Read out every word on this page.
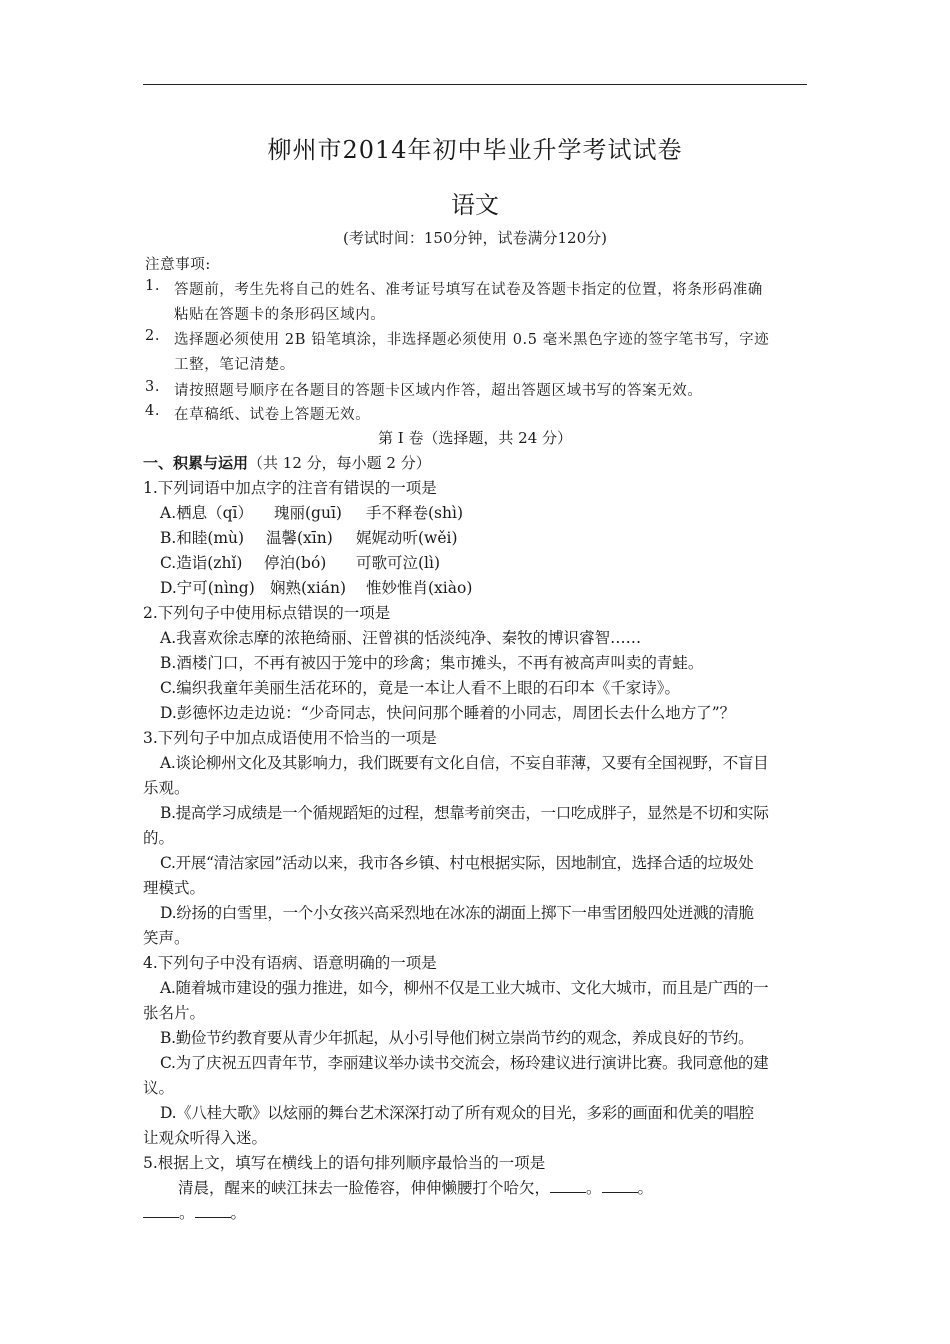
柳州市2014年初中毕业升学考试试卷
语文
(考试时间：150分钟，试卷满分120分)
注意事项:
1. 答题前，考生先将自己的姓名、准考证号填写在试卷及答题卡指定的位置，将条形码准确
粘贴在答题卡的条形码区域内。
2. 选择题必须使用 2B 铅笔填涂，非选择题必须使用 0.5 毫米黑色字迹的签字笔书写，字迹
工整，笔记清楚。
3. 请按照题号顺序在各题目的答题卡区域内作答，超出答题区域书写的答案无效。
4. 在草稿纸、试卷上答题无效。
第 I 卷（选择题，共 24 分）
一、积累与运用（共 12 分，每小题 2 分）
1.下列词语中加点字的注音有错误的一项是
A.栖息（qī） 瑰丽(guī) 手不释卷(shì)
B.和睦(mù) 温馨(xīn) 娓娓动听(wěi)
C.造诣(zhǐ) 停泊(bó) 可歌可泣(lì)
D.宁可(nìng) 娴熟(xián) 惟妙惟肖(xiào)
2.下列句子中使用标点错误的一项是
A.我喜欢徐志摩的浓艳绮丽、汪曾祺的恬淡纯净、秦牧的博识睿智……
B.酒楼门口，不再有被囚于笼中的珍禽；集市摊头，不再有被高声叫卖的青蛙。
C.编织我童年美丽生活花环的，竟是一本让人看不上眼的石印本《千家诗》。
D.彭德怀边走边说：“少奇同志，快问问那个睡着的小同志，周团长去什么地方了”？
3.下列句子中加点成语使用不恰当的一项是
A.谈论柳州文化及其影响力，我们既要有文化自信，不妄自菲薄，又要有全国视野，不盲目
乐观。
B.提高学习成绩是一个循规蹈矩的过程，想靠考前突击，一口吃成胖子，显然是不切和实际
的。
C.开展“清洁家园”活动以来，我市各乡镇、村屯根据实际，因地制宜，选择合适的垃圾处
理模式。
D.纷扬的白雪里，一个小女孩兴高采烈地在冰冻的湖面上掷下一串雪团般四处迸溅的清脆
笑声。
4.下列句子中没有语病、语意明确的一项是
A.随着城市建设的强力推进，如今，柳州不仅是工业大城市、文化大城市，而且是广西的一
张名片。
B.勤俭节约教育要从青少年抓起，从小引导他们树立崇尚节约的观念，养成良好的节约。
C.为了庆祝五四青年节，李丽建议举办读书交流会，杨玲建议进行演讲比赛。我同意他的建
议。
D.《八桂大歌》以炫丽的舞台艺术深深打动了所有观众的目光，多彩的画面和优美的唱腔
让观众听得入迷。
5.根据上文，填写在横线上的语句排列顺序最恰当的一项是
清晨，醒来的峡江抹去一脸倦容，伸伸懒腰打个哈欠， 。 。
。 。
